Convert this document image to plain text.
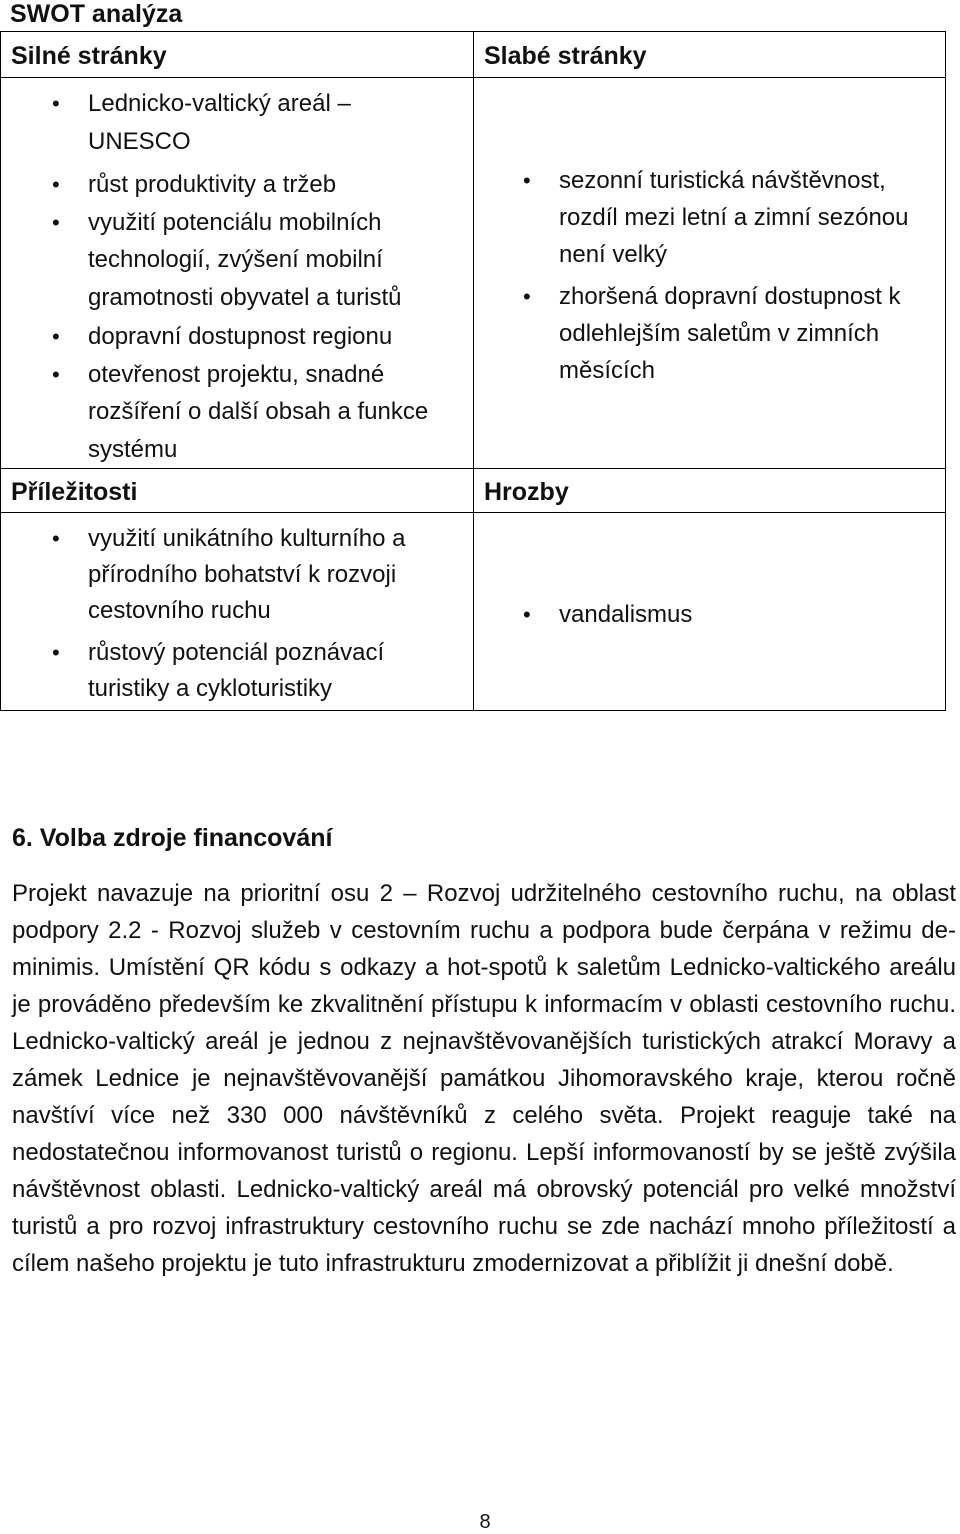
SWOT analýza
Silné stránky
• Lednicko-valtický areál – UNESCO
• růst produktivity a tržeb
• využití potenciálu mobilních technologií, zvýšení mobilní gramotnosti obyvatel a turistů
• dopravní dostupnost regionu
• otevřenost projektu, snadné rozšíření o další obsah a funkce systému
Slabé stránky
• sezonní turistická návštěvnost, rozdíl mezi letní a zimní sezónou není velký
• zhoršená dopravní dostupnost k odlehlejším saletům v zimních měsících
Příležitosti
• využití unikátního kulturního a přírodního bohatství k rozvoji cestovního ruchu
• růstový potenciál poznávací turistiky a cykloturistiky
Hrozby
• vandalismus
6. Volba zdroje financování

Projekt navazuje na prioritní osu 2 – Rozvoj udržitelného cestovního ruchu, na oblast podpory 2.2 - Rozvoj služeb v cestovním ruchu a podpora bude čerpána v režimu de-minimis. Umístění QR kódu s odkazy a hot-spotů k saletům Lednicko-valtického areálu je prováděno především ke zkvalitnění přístupu k informacím v oblasti cestovního ruchu. Lednicko-valtický areál je jednou z nejnavštěvovanějších turistických atrakcí Moravy a zámek Lednice je nejnavštěvovanější památkou Jihomoravského kraje, kterou ročně navštíví více než 330 000 návštěvníků z celého světa. Projekt reaguje také na nedostatečnou informovanost turistů o regionu. Lepší informovaností by se ještě zvýšila návštěvnost oblasti. Lednicko-valtický areál má obrovský potenciál pro velké množství turistů a pro rozvoj infrastruktury cestovního ruchu se zde nachází mnoho příležitostí a cílem našeho projektu je tuto infrastrukturu zmodernizovat a přiblížit ji dnešní době.

8
